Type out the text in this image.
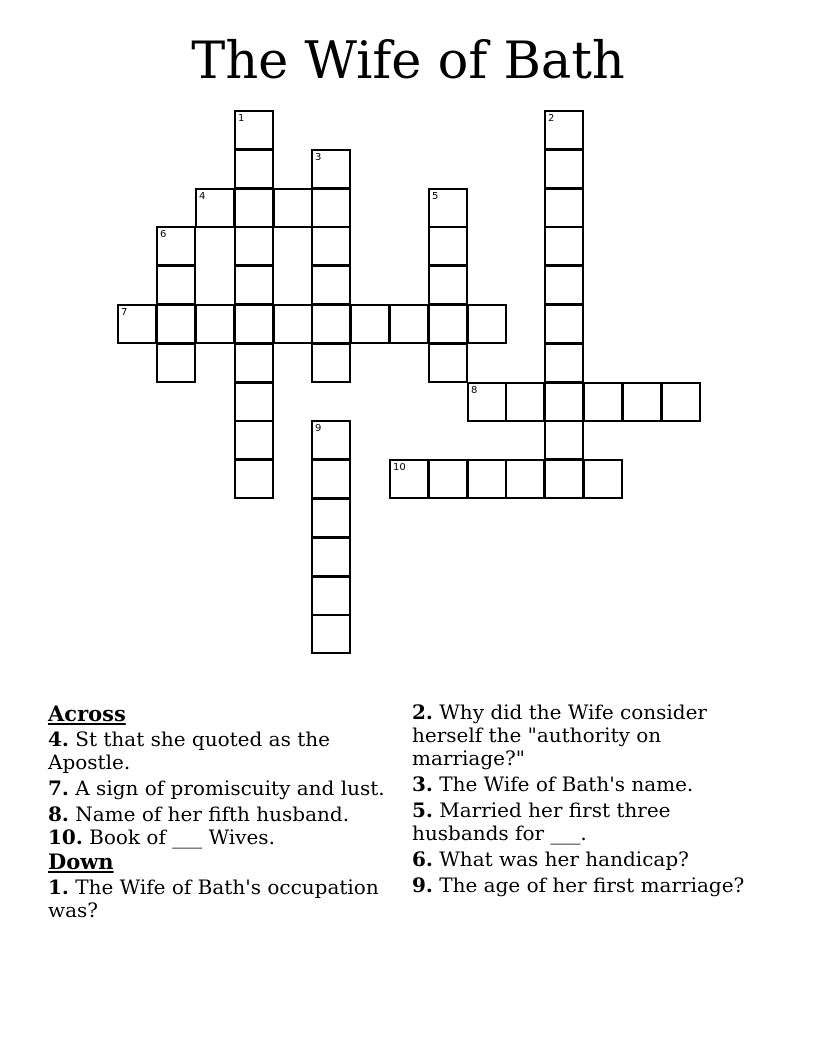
The Wife of Bath
1	2
3
4	5
6
7
8
9
10
Across
4. St that she quoted as the Apostle.
7. A sign of promiscuity and lust.
8. Name of her fifth husband.
10. Book of ___ Wives.
Down
1. The Wife of Bath's occupation was?
2. Why did the Wife consider herself the "authority on marriage?"
3. The Wife of Bath's name.
5. Married her first three husbands for ___.
6. What was her handicap?
9. The age of her first marriage?
